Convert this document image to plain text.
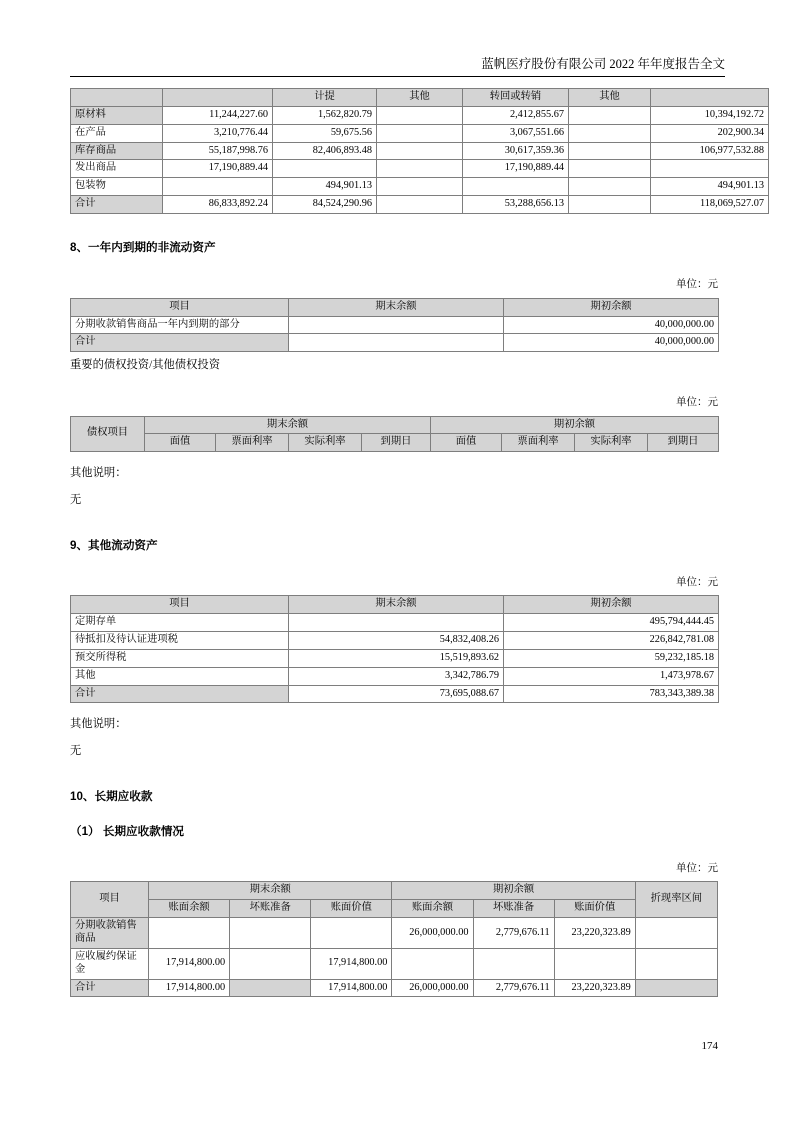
蓝帆医疗股份有限公司 2022 年年度报告全文
		计提	其他	转回或转销	其他	
原材料	11,244,227.60	1,562,820.79		2,412,855.67		10,394,192.72
在产品	3,210,776.44	59,675.56		3,067,551.66		202,900.34
库存商品	55,187,998.76	82,406,893.48		30,617,359.36		106,977,532.88
发出商品	17,190,889.44			17,190,889.44		
包装物		494,901.13				494,901.13
合计	86,833,892.24	84,524,290.96		53,288,656.13		118,069,527.07
8、一年内到期的非流动资产
单位：元
项目	期末余额	期初余额
分期收款销售商品一年内到期的部分		40,000,000.00
合计		40,000,000.00
重要的债权投资/其他债权投资
单位：元
债权项目	期末余额				期初余额			
	面值	票面利率	实际利率	到期日	面值	票面利率	实际利率	到期日
其他说明：
无
9、其他流动资产
单位：元
项目	期末余额	期初余额
定期存单		495,794,444.45
待抵扣及待认证进项税	54,832,408.26	226,842,781.08
预交所得税	15,519,893.62	59,232,185.18
其他	3,342,786.79	1,473,978.67
合计	73,695,088.67	783,343,389.38
其他说明：
无
10、长期应收款
（1） 长期应收款情况
单位：元
项目	期末余额			期初余额			折现率区间
	账面余额	坏账准备	账面价值	账面余额	坏账准备	账面价值	
分期收款销售商品				26,000,000.00	2,779,676.11	23,220,323.89	
应收履约保证金	17,914,800.00		17,914,800.00				
合计	17,914,800.00		17,914,800.00	26,000,000.00	2,779,676.11	23,220,323.89	
174
